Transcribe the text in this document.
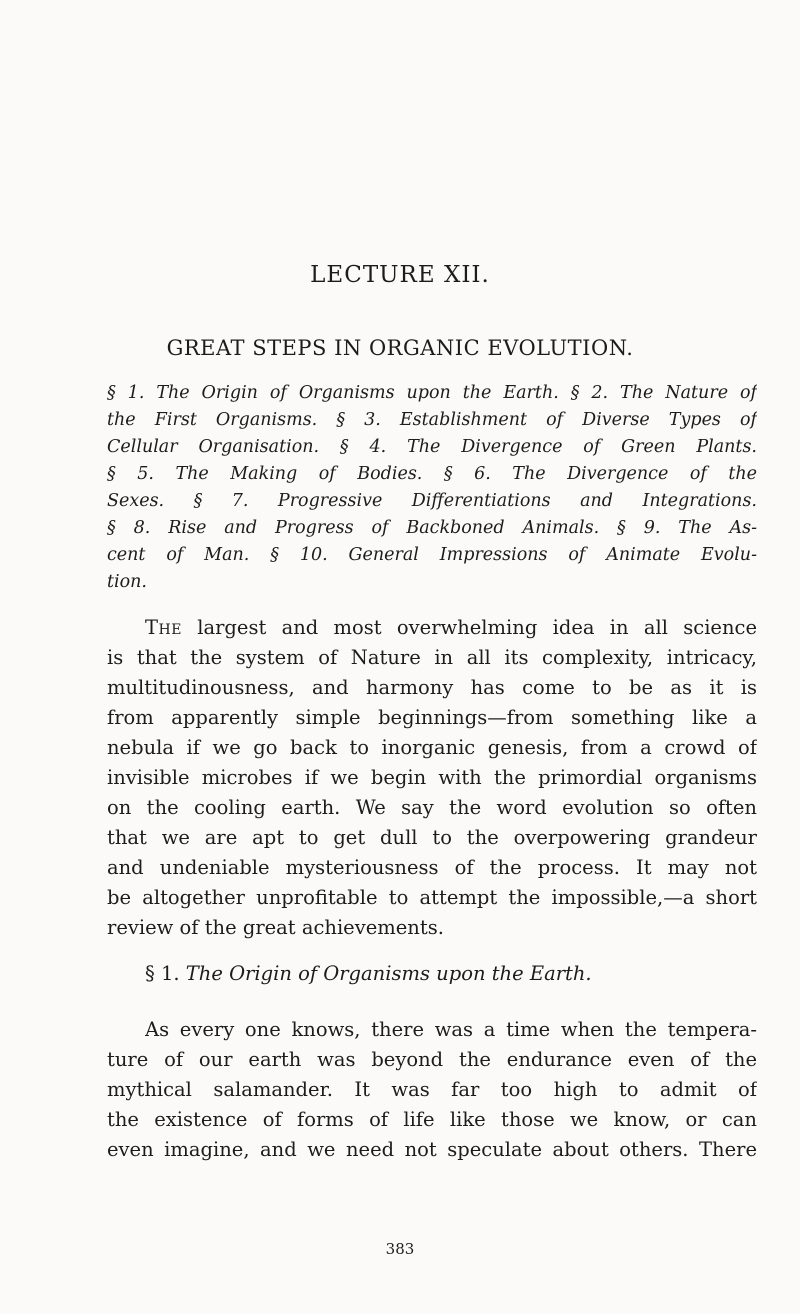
LECTURE XII.
GREAT STEPS IN ORGANIC EVOLUTION.
§ 1. The Origin of Organisms upon the Earth. § 2. The Nature of
the First Organisms. § 3. Establishment of Diverse Types of
Cellular Organisation. § 4. The Divergence of Green Plants.
§ 5. The Making of Bodies. § 6. The Divergence of the
Sexes. § 7. Progressive Differentiations and Integrations.
§ 8. Rise and Progress of Backboned Animals. § 9. The As-
cent of Man. § 10. General Impressions of Animate Evolu-
tion.
The largest and most overwhelming idea in all science
is that the system of Nature in all its complexity, intricacy,
multitudinousness, and harmony has come to be as it is
from apparently simple beginnings—from something like a
nebula if we go back to inorganic genesis, from a crowd of
invisible microbes if we begin with the primordial organisms
on the cooling earth. We say the word evolution so often
that we are apt to get dull to the overpowering grandeur
and undeniable mysteriousness of the process. It may not
be altogether unprofitable to attempt the impossible,—a short
review of the great achievements.
§ 1. The Origin of Organisms upon the Earth.
As every one knows, there was a time when the tempera-
ture of our earth was beyond the endurance even of the
mythical salamander. It was far too high to admit of
the existence of forms of life like those we know, or can
even imagine, and we need not speculate about others. There
383
